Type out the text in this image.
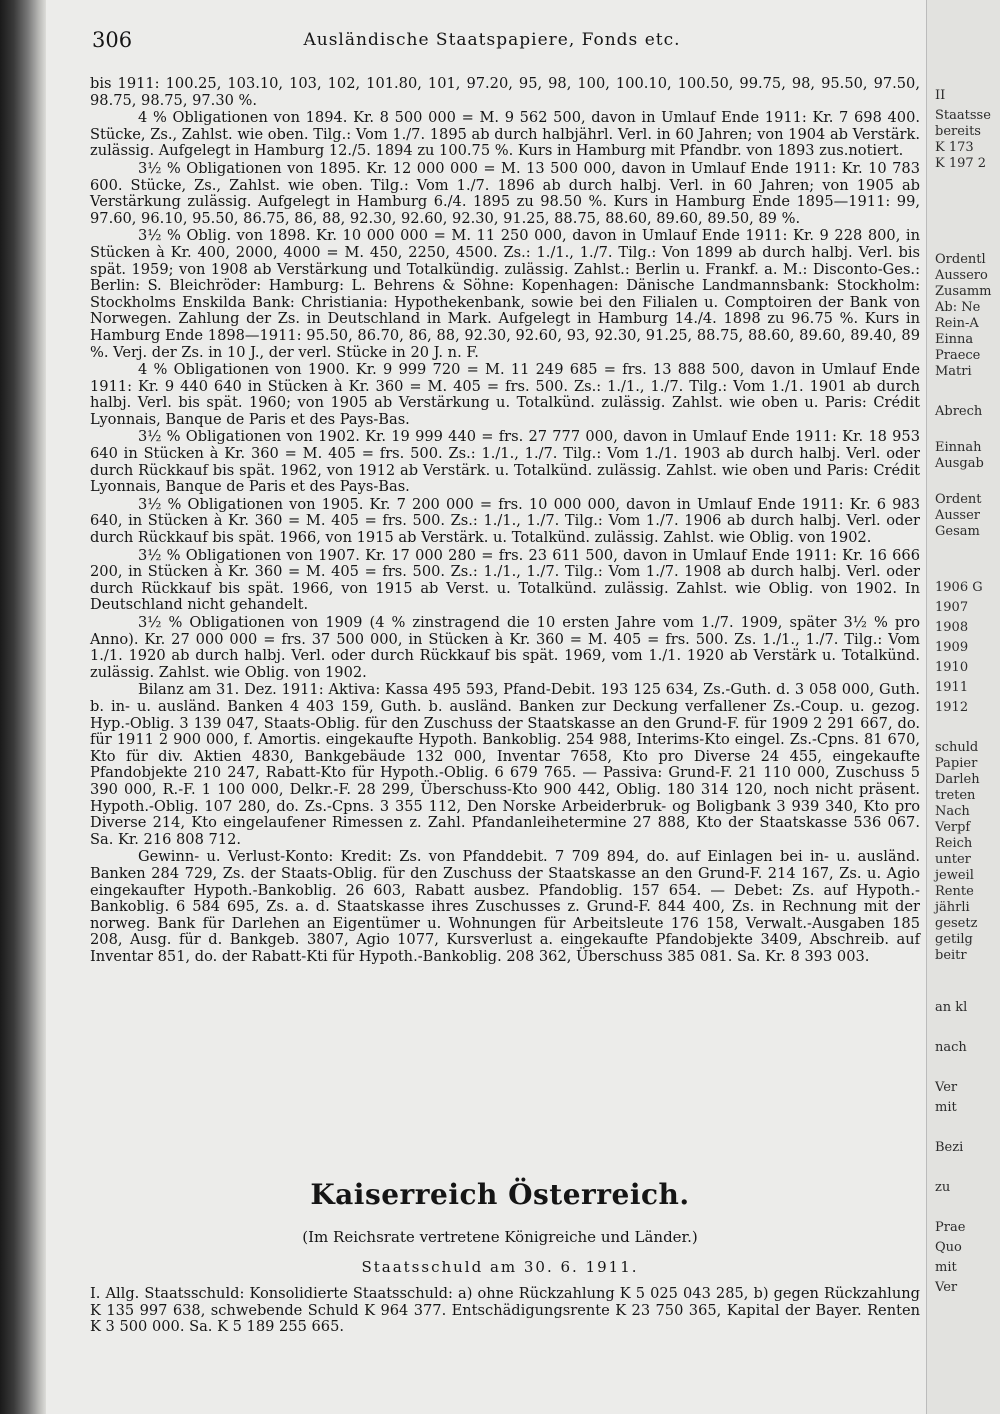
II
Staatsse
bereits
K 173
K 197 2
Ordentl
Ausserο
Zusamm
Ab: Ne
Rein-A
Einna
Praece
Matri
Abrech
Einnah
Ausgab
Ordent
Ausser
Gesam
1906 G
1907
1908
1909
1910
1911
1912
schuld
Papier
Darleh
treten
Nach
Verpf
Reich
unter
jeweil
Rente
jährli
gesetz
getilg
beitr
an kl
nach
Ver
mit
Bezi
zu
Prae
Quo
mit
Ver
306	Ausländische Staatspapiere, Fonds etc.

bis 1911: 100.25, 103.10, 103, 102, 101.80, 101, 97.20, 95, 98, 100, 100.10, 100.50, 99.75, 98, 95.50, 97.50, 98.75, 98.75, 97.30 %.

4 % Obligationen von 1894. Kr. 8 500 000 = M. 9 562 500, davon in Umlauf Ende 1911: Kr. 7 698 400. Stücke, Zs., Zahlst. wie oben. Tilg.: Vom 1./7. 1895 ab durch halbjährl. Verl. in 60 Jahren; von 1904 ab Verstärk. zulässig. Aufgelegt in Hamburg 12./5. 1894 zu 100.75 %. Kurs in Hamburg mit Pfandbr. von 1893 zus.notiert.

3½ % Obligationen von 1895. Kr. 12 000 000 = M. 13 500 000, davon in Umlauf Ende 1911: Kr. 10 783 600. Stücke, Zs., Zahlst. wie oben. Tilg.: Vom 1./7. 1896 ab durch halbj. Verl. in 60 Jahren; von 1905 ab Verstärkung zulässig. Aufgelegt in Hamburg 6./4. 1895 zu 98.50 %. Kurs in Hamburg Ende 1895—1911: 99, 97.60, 96.10, 95.50, 86.75, 86, 88, 92.30, 92.60, 92.30, 91.25, 88.75, 88.60, 89.60, 89.50, 89 %.

3½ % Oblig. von 1898. Kr. 10 000 000 = M. 11 250 000, davon in Umlauf Ende 1911: Kr. 9 228 800, in Stücken à Kr. 400, 2000, 4000 = M. 450, 2250, 4500. Zs.: 1./1., 1./7. Tilg.: Von 1899 ab durch halbj. Verl. bis spät. 1959; von 1908 ab Verstärkung und Totalkündig. zulässig. Zahlst.: Berlin u. Frankf. a. M.: Disconto-Ges.: Berlin: S. Bleichröder: Hamburg: L. Behrens & Söhne: Kopenhagen: Dänische Landmannsbank: Stockholm: Stockholms Enskilda Bank: Christiania: Hypothekenbank, sowie bei den Filialen u. Comptoiren der Bank von Norwegen. Zahlung der Zs. in Deutschland in Mark. Aufgelegt in Hamburg 14./4. 1898 zu 96.75 %. Kurs in Hamburg Ende 1898—1911: 95.50, 86.70, 86, 88, 92.30, 92.60, 93, 92.30, 91.25, 88.75, 88.60, 89.60, 89.40, 89 %. Verj. der Zs. in 10 J., der verl. Stücke in 20 J. n. F.

4 % Obligationen von 1900. Kr. 9 999 720 = M. 11 249 685 = frs. 13 888 500, davon in Umlauf Ende 1911: Kr. 9 440 640 in Stücken à Kr. 360 = M. 405 = frs. 500. Zs.: 1./1., 1./7. Tilg.: Vom 1./1. 1901 ab durch halbj. Verl. bis spät. 1960; von 1905 ab Verstärkung u. Totalkünd. zulässig. Zahlst. wie oben u. Paris: Crédit Lyonnais, Banque de Paris et des Pays-Bas.

3½ % Obligationen von 1902. Kr. 19 999 440 = frs. 27 777 000, davon in Umlauf Ende 1911: Kr. 18 953 640 in Stücken à Kr. 360 = M. 405 = frs. 500. Zs.: 1./1., 1./7. Tilg.: Vom 1./1. 1903 ab durch halbj. Verl. oder durch Rückkauf bis spät. 1962, von 1912 ab Verstärk. u. Totalkünd. zulässig. Zahlst. wie oben und Paris: Crédit Lyonnais, Banque de Paris et des Pays-Bas.

3½ % Obligationen von 1905. Kr. 7 200 000 = frs. 10 000 000, davon in Umlauf Ende 1911: Kr. 6 983 640, in Stücken à Kr. 360 = M. 405 = frs. 500. Zs.: 1./1., 1./7. Tilg.: Vom 1./7. 1906 ab durch halbj. Verl. oder durch Rückkauf bis spät. 1966, von 1915 ab Verstärk. u. Totalkünd. zulässig. Zahlst. wie Oblig. von 1902.

3½ % Obligationen von 1907. Kr. 17 000 280 = frs. 23 611 500, davon in Umlauf Ende 1911: Kr. 16 666 200, in Stücken à Kr. 360 = M. 405 = frs. 500. Zs.: 1./1., 1./7. Tilg.: Vom 1./7. 1908 ab durch halbj. Verl. oder durch Rückkauf bis spät. 1966, von 1915 ab Verst. u. Totalkünd. zulässig. Zahlst. wie Oblig. von 1902. In Deutschland nicht gehandelt.

3½ % Obligationen von 1909 (4 % zinstragend die 10 ersten Jahre vom 1./7. 1909, später 3½ % pro Anno). Kr. 27 000 000 = frs. 37 500 000, in Stücken à Kr. 360 = M. 405 = frs. 500. Zs. 1./1., 1./7. Tilg.: Vom 1./1. 1920 ab durch halbj. Verl. oder durch Rückkauf bis spät. 1969, vom 1./1. 1920 ab Verstärk u. Totalkünd. zulässig. Zahlst. wie Oblig. von 1902.

Bilanz am 31. Dez. 1911: Aktiva: Kassa 495 593, Pfand-Debit. 193 125 634, Zs.-Guth. d. 3 058 000, Guth. b. in- u. ausländ. Banken 4 403 159, Guth. b. ausländ. Banken zur Deckung verfallener Zs.-Coup. u. gezog. Hyp.-Oblig. 3 139 047, Staats-Oblig. für den Zuschuss der Staatskasse an den Grund-F. für 1909 2 291 667, do. für 1911 2 900 000, f. Amortis. eingekaufte Hypoth. Bankoblig. 254 988, Interims-Kto eingel. Zs.-Cpns. 81 670, Kto für div. Aktien 4830, Bankgebäude 132 000, Inventar 7658, Kto pro Diverse 24 455, eingekaufte Pfandobjekte 210 247, Rabatt-Kto für Hypoth.-Oblig. 6 679 765. — Passiva: Grund-F. 21 110 000, Zuschuss 5 390 000, R.-F. 1 100 000, Delkr.-F. 28 299, Überschuss-Kto 900 442, Oblig. 180 314 120, noch nicht präsent. Hypoth.-Oblig. 107 280, do. Zs.-Cpns. 3 355 112, Den Norske Arbeiderbruk- og Boligbank 3 939 340, Kto pro Diverse 214, Kto eingelaufener Rimessen z. Zahl. Pfandanleihetermine 27 888, Kto der Staatskasse 536 067. Sa. Kr. 216 808 712.

Gewinn- u. Verlust-Konto: Kredit: Zs. von Pfanddebit. 7 709 894, do. auf Einlagen bei in- u. ausländ. Banken 284 729, Zs. der Staats-Oblig. für den Zuschuss der Staatskasse an den Grund-F. 214 167, Zs. u. Agio eingekaufter Hypoth.-Bankoblig. 26 603, Rabatt ausbez. Pfandoblig. 157 654. — Debet: Zs. auf Hypoth.-Bankoblig. 6 584 695, Zs. a. d. Staatskasse ihres Zuschusses z. Grund-F. 844 400, Zs. in Rechnung mit der norweg. Bank für Darlehen an Eigentümer u. Wohnungen für Arbeitsleute 176 158, Verwalt.-Ausgaben 185 208, Ausg. für d. Bankgeb. 3807, Agio 1077, Kursverlust a. eingekaufte Pfandobjekte 3409, Abschreib. auf Inventar 851, do. der Rabatt-Kti für Hypoth.-Bankoblig. 208 362, Überschuss 385 081. Sa. Kr. 8 393 003.

Kaiserreich Österreich.
(Im Reichsrate vertretene Königreiche und Länder.)
Staatsschuld am 30. 6. 1911.
I. Allg. Staatsschuld: Konsolidierte Staatsschuld: a) ohne Rückzahlung K 5 025 043 285, b) gegen Rückzahlung K 135 997 638, schwebende Schuld K 964 377. Entschädigungsrente K 23 750 365, Kapital der Bayer. Renten K 3 500 000. Sa. K 5 189 255 665.
